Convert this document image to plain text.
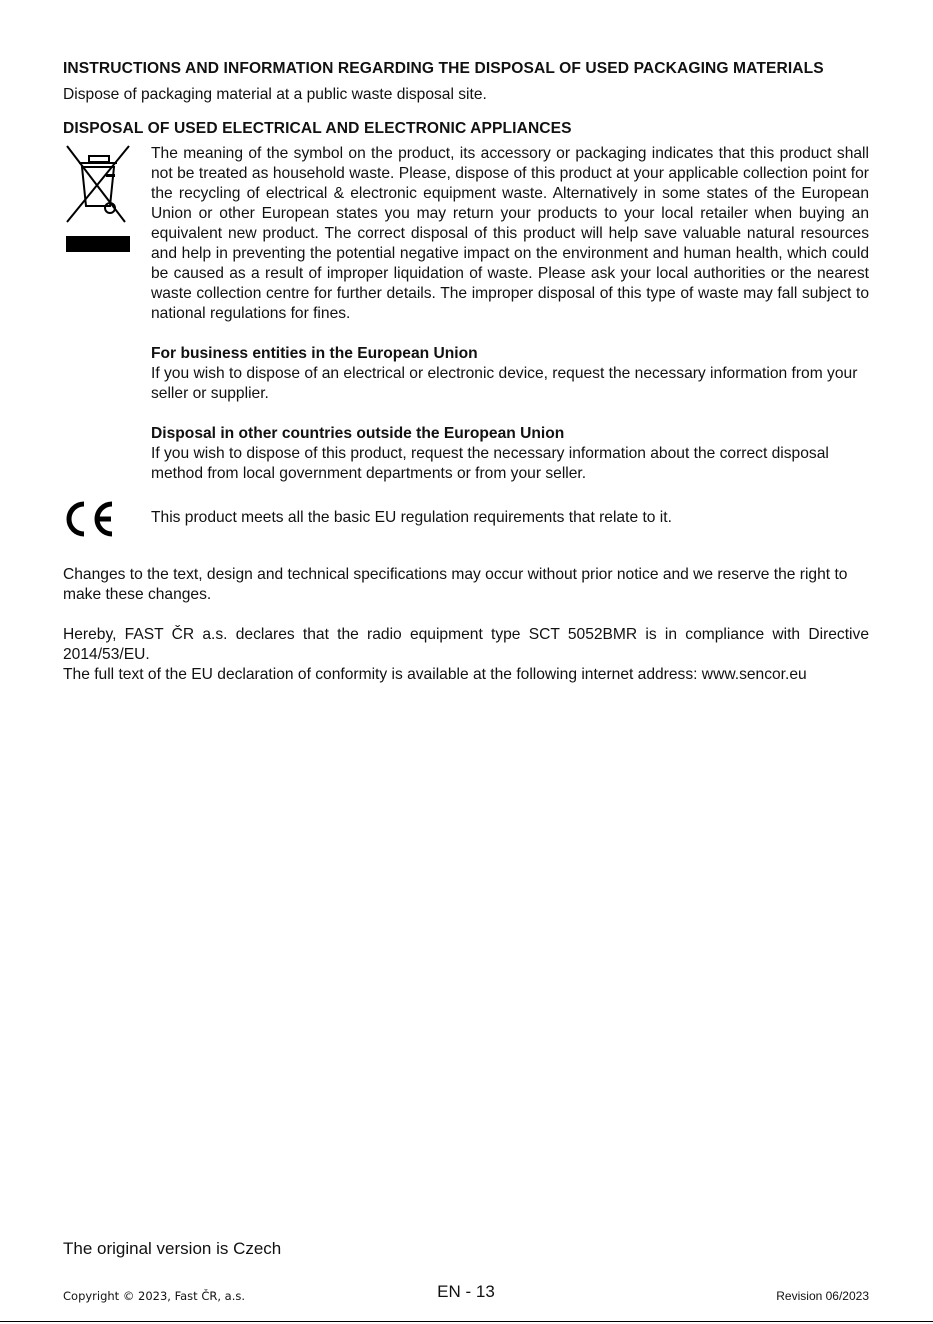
INSTRUCTIONS AND INFORMATION REGARDING THE DISPOSAL OF USED PACKAGING MATERIALS

Dispose of packaging material at a public waste disposal site.

DISPOSAL OF USED ELECTRICAL AND ELECTRONIC APPLIANCES

The meaning of the symbol on the product, its accessory or packaging indicates that this product shall not be treated as household waste. Please, dispose of this product at your applicable collection point for the recycling of electrical & electronic equipment waste. Alternatively in some states of the European Union or other European states you may return your products to your local retailer when buying an equivalent new product. The correct disposal of this product will help save valuable natural resources and help in preventing the potential negative impact on the environment and human health, which could be caused as a result of improper liquidation of waste. Please ask your local authorities or the nearest waste collection centre for further details. The improper disposal of this type of waste may fall subject to national regulations for fines.

For business entities in the European Union

If you wish to dispose of an electrical or electronic device, request the necessary information from your seller or supplier.

Disposal in other countries outside the European Union

If you wish to dispose of this product, request the necessary information about the correct disposal method from local government departments or from your seller.

This product meets all the basic EU regulation requirements that relate to it.

Changes to the text, design and technical specifications may occur without prior notice and we reserve the right to make these changes.

Hereby, FAST ČR a.s. declares that the radio equipment type SCT 5052BMR is in compliance with Directive 2014/53/EU.

The full text of the EU declaration of conformity is available at the following internet address: www.sencor.eu

The original version is Czech

Copyright © 2023, Fast ČR, a.s.	EN - 13	Revision 06/2023
